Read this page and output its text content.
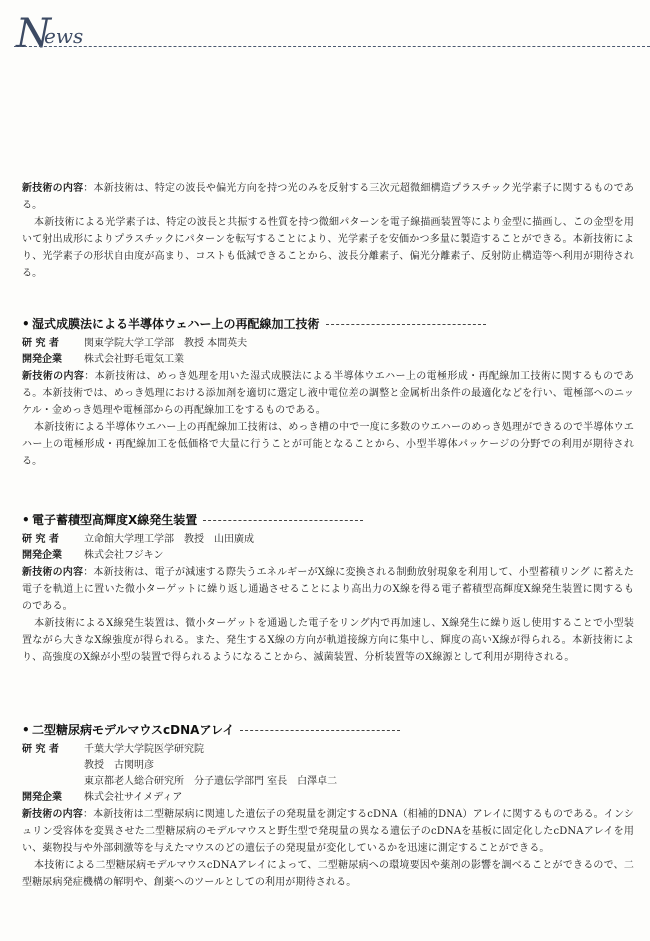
N
ews
新技術の内容：本新技術は、特定の波長や偏光方向を持つ光のみを反射する三次元超微細構造プラスチック光学素子に関するものである。
本新技術による光学素子は、特定の波長と共振する性質を持つ微細パターンを電子線描画装置等により金型に描画し、この金型を用いて射出成形によりプラスチックにパターンを転写することにより、光学素子を安価かつ多量に製造することができる。本新技術により、光学素子の形状自由度が高まり、コストも低減できることから、波長分離素子、偏光分離素子、反射防止構造等へ利用が期待される。
• 湿式成膜法による半導体ウェハー上の再配線加工技術
研 究 者	関東学院大学工学部　教授 本間英夫
開発企業 株式会社野毛電気工業
新技術の内容：本新技術は、めっき処理を用いた湿式成膜法による半導体ウエハー上の電極形成・再配線加工技術に関するものである。本新技術では、めっき処理における添加剤を適切に選定し液中電位差の調整と金属析出条件の最適化などを行い、電極部へのニッケル・金めっき処理や電極部からの再配線加工をするものである。
本新技術による半導体ウエハー上の再配線加工技術は、めっき槽の中で一度に多数のウエハーのめっき処理ができるので半導体ウエハー上の電極形成・再配線加工を低価格で大量に行うことが可能となることから、小型半導体パッケージの分野での利用が期待される。
• 電子蓄積型高輝度X線発生装置
研 究 者	立命館大学理工学部　教授　山田廣成
開発企業 株式会社フジキン
新技術の内容：本新技術は、電子が減速する際失うエネルギーがX線に変換される制動放射現象を利用して、小型蓄積リング に蓄えた電子を軌道上に置いた微小ターゲットに繰り返し通過させることにより高出力のX線を得る電子蓄積型高輝度X線発生装置に関するものである。
本新技術によるX線発生装置は、微小ターゲットを通過した電子をリング内で再加速し、X線発生に繰り返し使用することで小型装置ながら大きなX線強度が得られる。また、発生するX線の方向が軌道接線方向に集中し、輝度の高いX線が得られる。本新技術により、高強度のX線が小型の装置で得られるようになることから、滅菌装置、分析装置等のX線源として利用が期待される。
• 二型糖尿病モデルマウスcDNAアレイ
研 究 者	千葉大学大学院医学研究院
教授　古関明彦
東京都老人総合研究所　分子遺伝学部門 室長　白澤卓二
開発企業 株式会社サイメディア
新技術の内容：本新技術は二型糖尿病に関連した遺伝子の発現量を測定するcDNA（相補的DNA）アレイに関するものである。インシュリン受容体を変異させた二型糖尿病のモデルマウスと野生型で発現量の異なる遺伝子のcDNAを基板に固定化したcDNAアレイを用い、薬物投与や外部刺激等を与えたマウスのどの遺伝子の発現量が変化しているかを迅速に測定することができる。
本技術による二型糖尿病モデルマウスcDNAアレイによって、二型糖尿病への環境要因や薬剤の影響を調べることができるので、二型糖尿病発症機構の解明や、創薬へのツールとしての利用が期待される。
